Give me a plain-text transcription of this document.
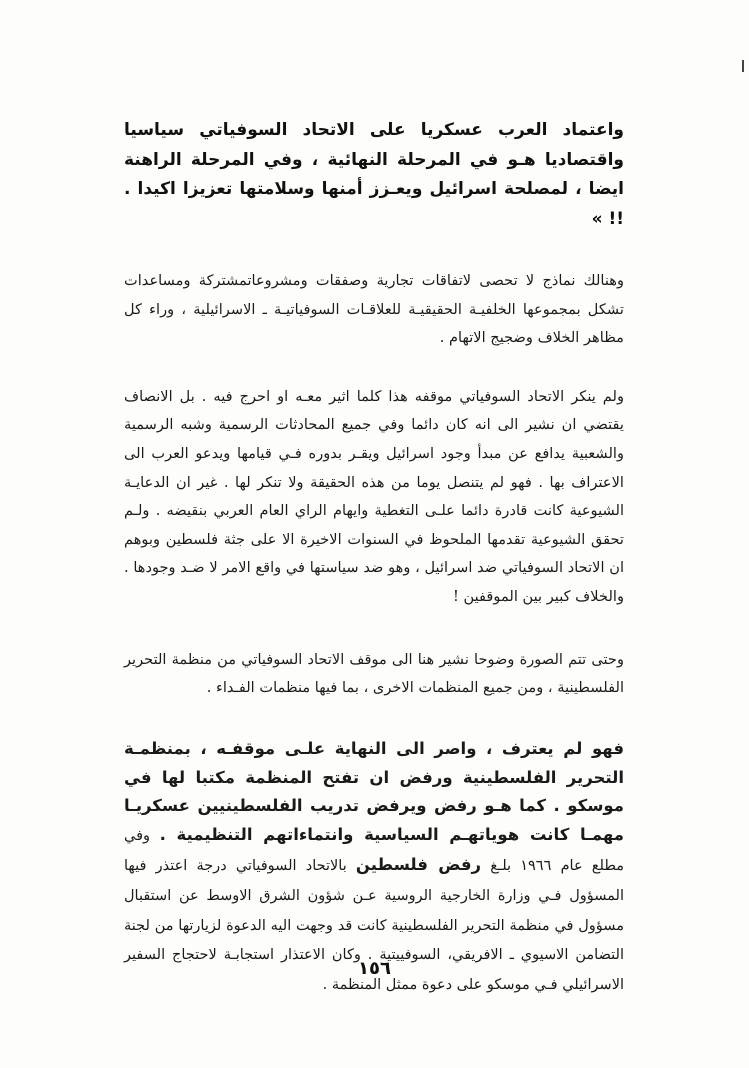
واعتماد العرب عسكريا على الاتحاد السوفياتي سياسيا واقتصاديا هـو في المرحلة النهائية ، وفي المرحلة الراهنة ايضا ، لمصلحة اسرائيل ويعـزز أمنها وسلامتها تعزيزا اكيدا . !! »

وهنالك نماذج لا تحصى لاتفاقات تجارية وصفقات ومشروعاتمشتركة ومساعدات تشكل بمجموعها الخلفيـة الحقيقيـة للعلاقـات السوفياتيـة ـ الاسرائيلية ، وراء كل مظاهر الخلاف وضجيج الاتهام .

ولم ينكر الاتحاد السوفياتي موقفه هذا كلما اثير معـه او احرج فيه . بل الانصاف يقتضي ان نشير الى انه كان دائما وفي جميع المحادثات الرسمية وشبه الرسمية والشعبية يدافع عن مبدأ وجود اسرائيل ويقـر بدوره فـي قيامها ويدعو العرب الى الاعتراف بها . فهو لم يتنصل يوما من هذه الحقيقة ولا تنكر لها . غير ان الدعايـة الشيوعية كانت قادرة دائما علـى التغطية وايهام الراي العام العربي بنقيضه . ولـم تحقق الشيوعية تقدمها الملحوظ في السنوات الاخيرة الا على جثة فلسطين وبوهم ان الاتحاد السوفياتي ضد اسرائيل ، وهو ضد سياستها في واقع الامر لا ضـد وجودها . والخلاف كبير بين الموقفين !

وحتى تتم الصورة وضوحا نشير هنا الى موقف الاتحاد السوفياتي من منظمة التحرير الفلسطينية ، ومن جميع المنظمات الاخرى ، بما فيها منظمات الفـداء .

فهو لم يعترف ، واصر الى النهاية علـى موقفـه ، بمنظمـة التحرير الفلسطينية ورفض ان تفتح المنظمة مكتبا لها في موسكو . كما هـو رفض ويرفض تدريب الفلسطينيين عسكريـا مهمـا كانت هوياتهـم السياسية وانتماءاتهم التنظيمية . وفي مطلع عام ١٩٦٦ بلـغ رفض فلسطين بالاتحاد السوفياتي درجة اعتذر فيها المسؤول فـي وزارة الخارجية الروسية عـن شؤون الشرق الاوسط عن استقبال مسؤول في منظمة التحرير الفلسطينية كانت قد وجهت اليه الدعوة لزيارتها من لجنة التضامن الاسيوي ـ الافريقي، السوفييتية . وكان الاعتذار استجابـة لاحتجاج السفير الاسرائيلي فـي موسكو على دعوة ممثل المنظمة .

١٥٦
